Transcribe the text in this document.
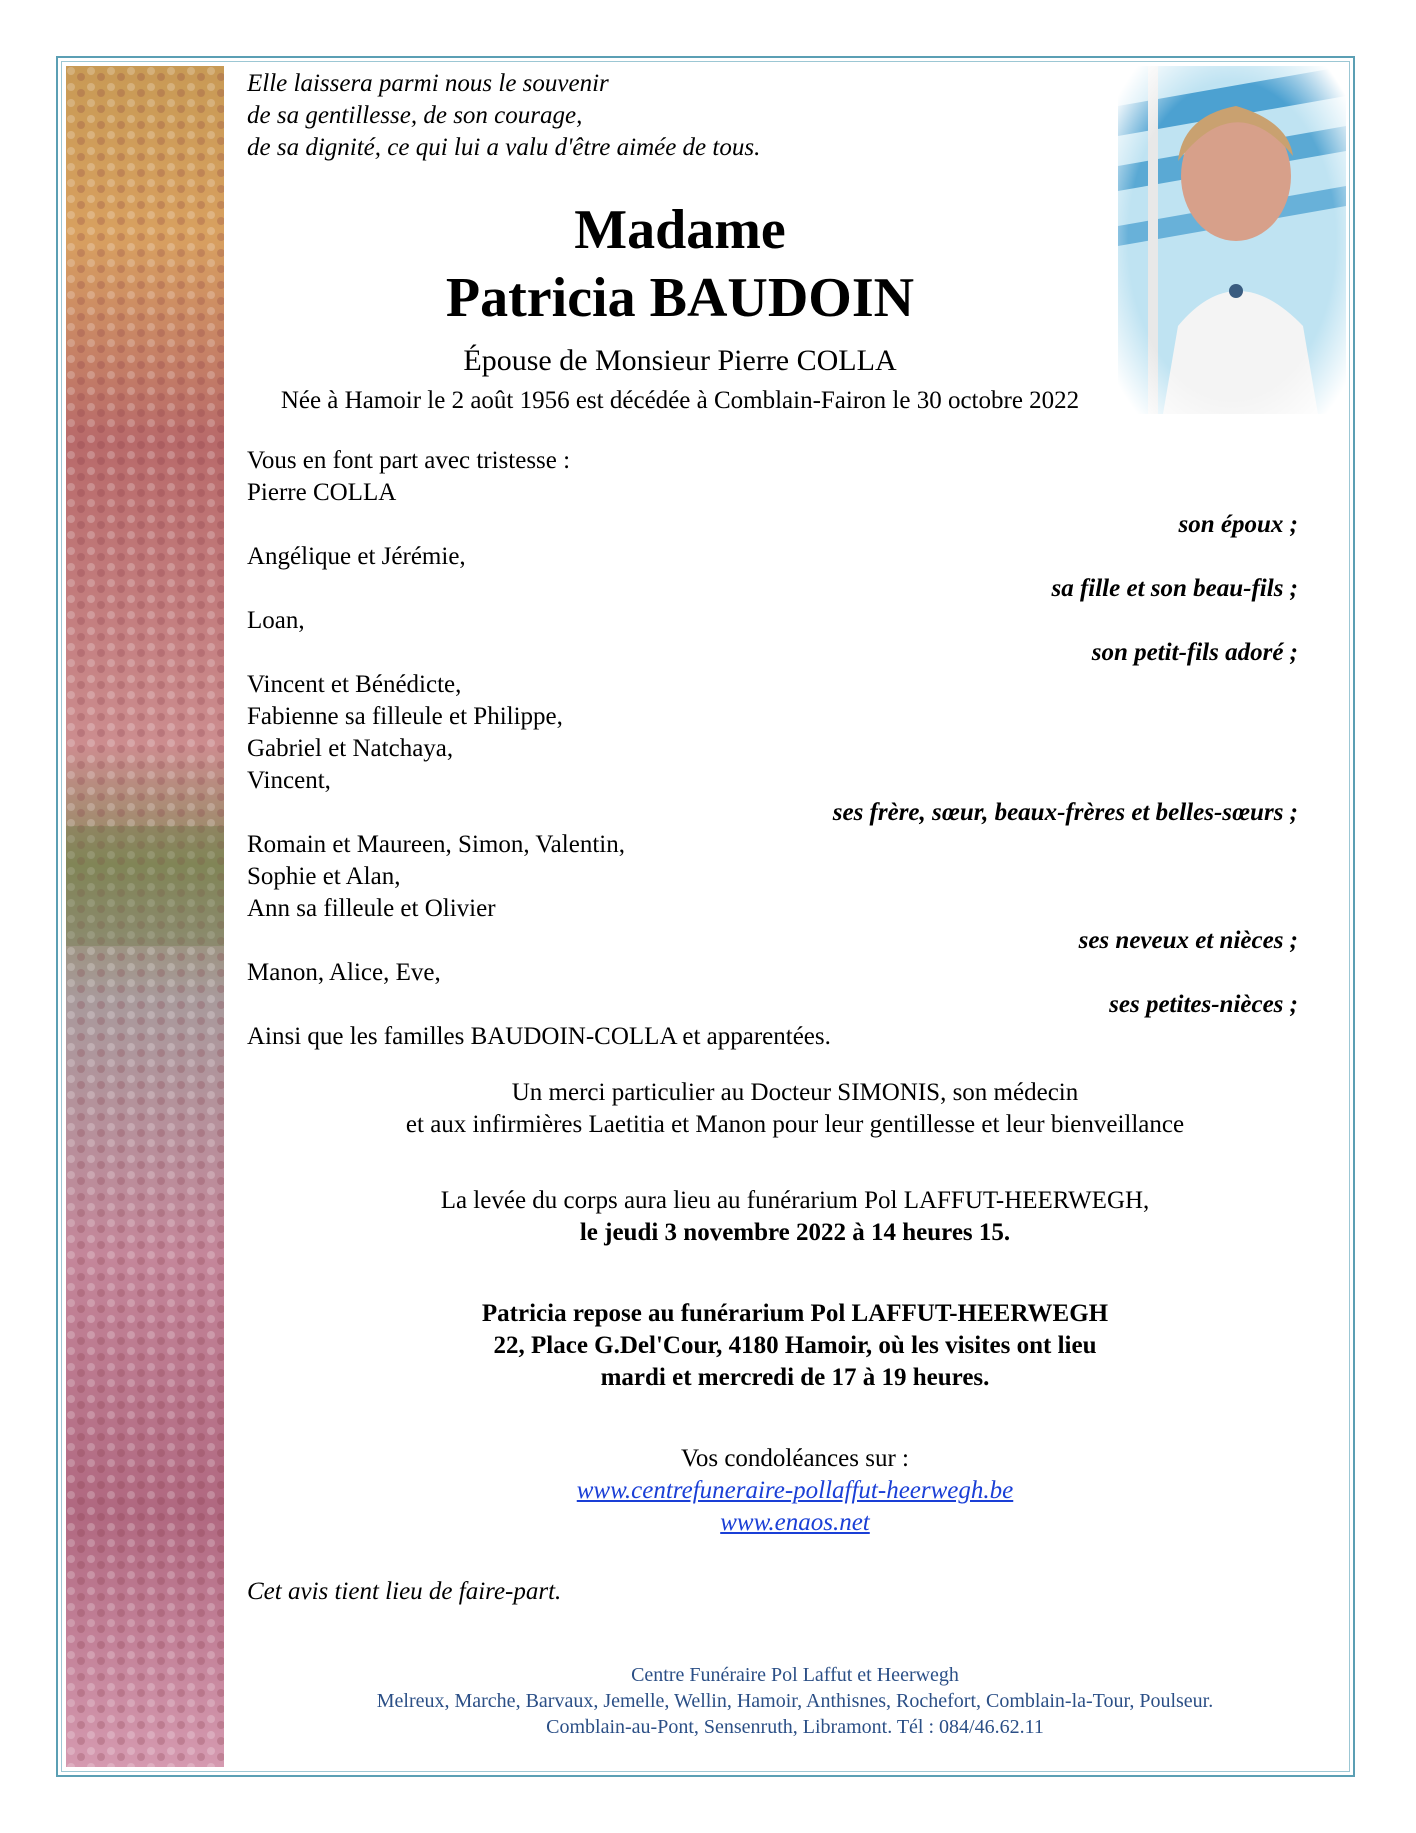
Elle laissera parmi nous le souvenir
de sa gentillesse, de son courage,
de sa dignité, ce qui lui a valu d'être aimée de tous.
Madame
Patricia BAUDOIN
Épouse de Monsieur Pierre COLLA
Née à Hamoir le 2 août 1956 est décédée à Comblain-Fairon le 30 octobre 2022
Vous en font part avec tristesse :
Pierre COLLA
son époux ;
Angélique et Jérémie,
sa fille et son beau-fils ;
Loan,
son petit-fils adoré ;
Vincent et Bénédicte,
Fabienne sa filleule et Philippe,
Gabriel et Natchaya,
Vincent,
ses frère, sœur, beaux-frères et belles-sœurs ;
Romain et Maureen, Simon, Valentin,
Sophie et Alan,
Ann sa filleule et Olivier
ses neveux et nièces ;
Manon, Alice, Eve,
ses petites-nièces ;
Ainsi que les familles BAUDOIN-COLLA et apparentées.
Un merci particulier au Docteur SIMONIS, son médecin
et aux infirmières Laetitia et Manon pour leur gentillesse et leur bienveillance
La levée du corps aura lieu au funérarium Pol LAFFUT-HEERWEGH,
le jeudi 3 novembre 2022 à 14 heures 15.
Patricia repose au funérarium Pol LAFFUT-HEERWEGH
22, Place G.Del'Cour, 4180 Hamoir, où les visites ont lieu
mardi et mercredi de 17 à 19 heures.
Vos condoléances sur :
www.centrefuneraire-pollaffut-heerwegh.be
www.enaos.net
Cet avis tient lieu de faire-part.
Centre Funéraire Pol Laffut et Heerwegh
Melreux, Marche, Barvaux, Jemelle, Wellin, Hamoir, Anthisnes, Rochefort, Comblain-la-Tour, Poulseur.
Comblain-au-Pont, Sensenruth, Libramont. Tél : 084/46.62.11
